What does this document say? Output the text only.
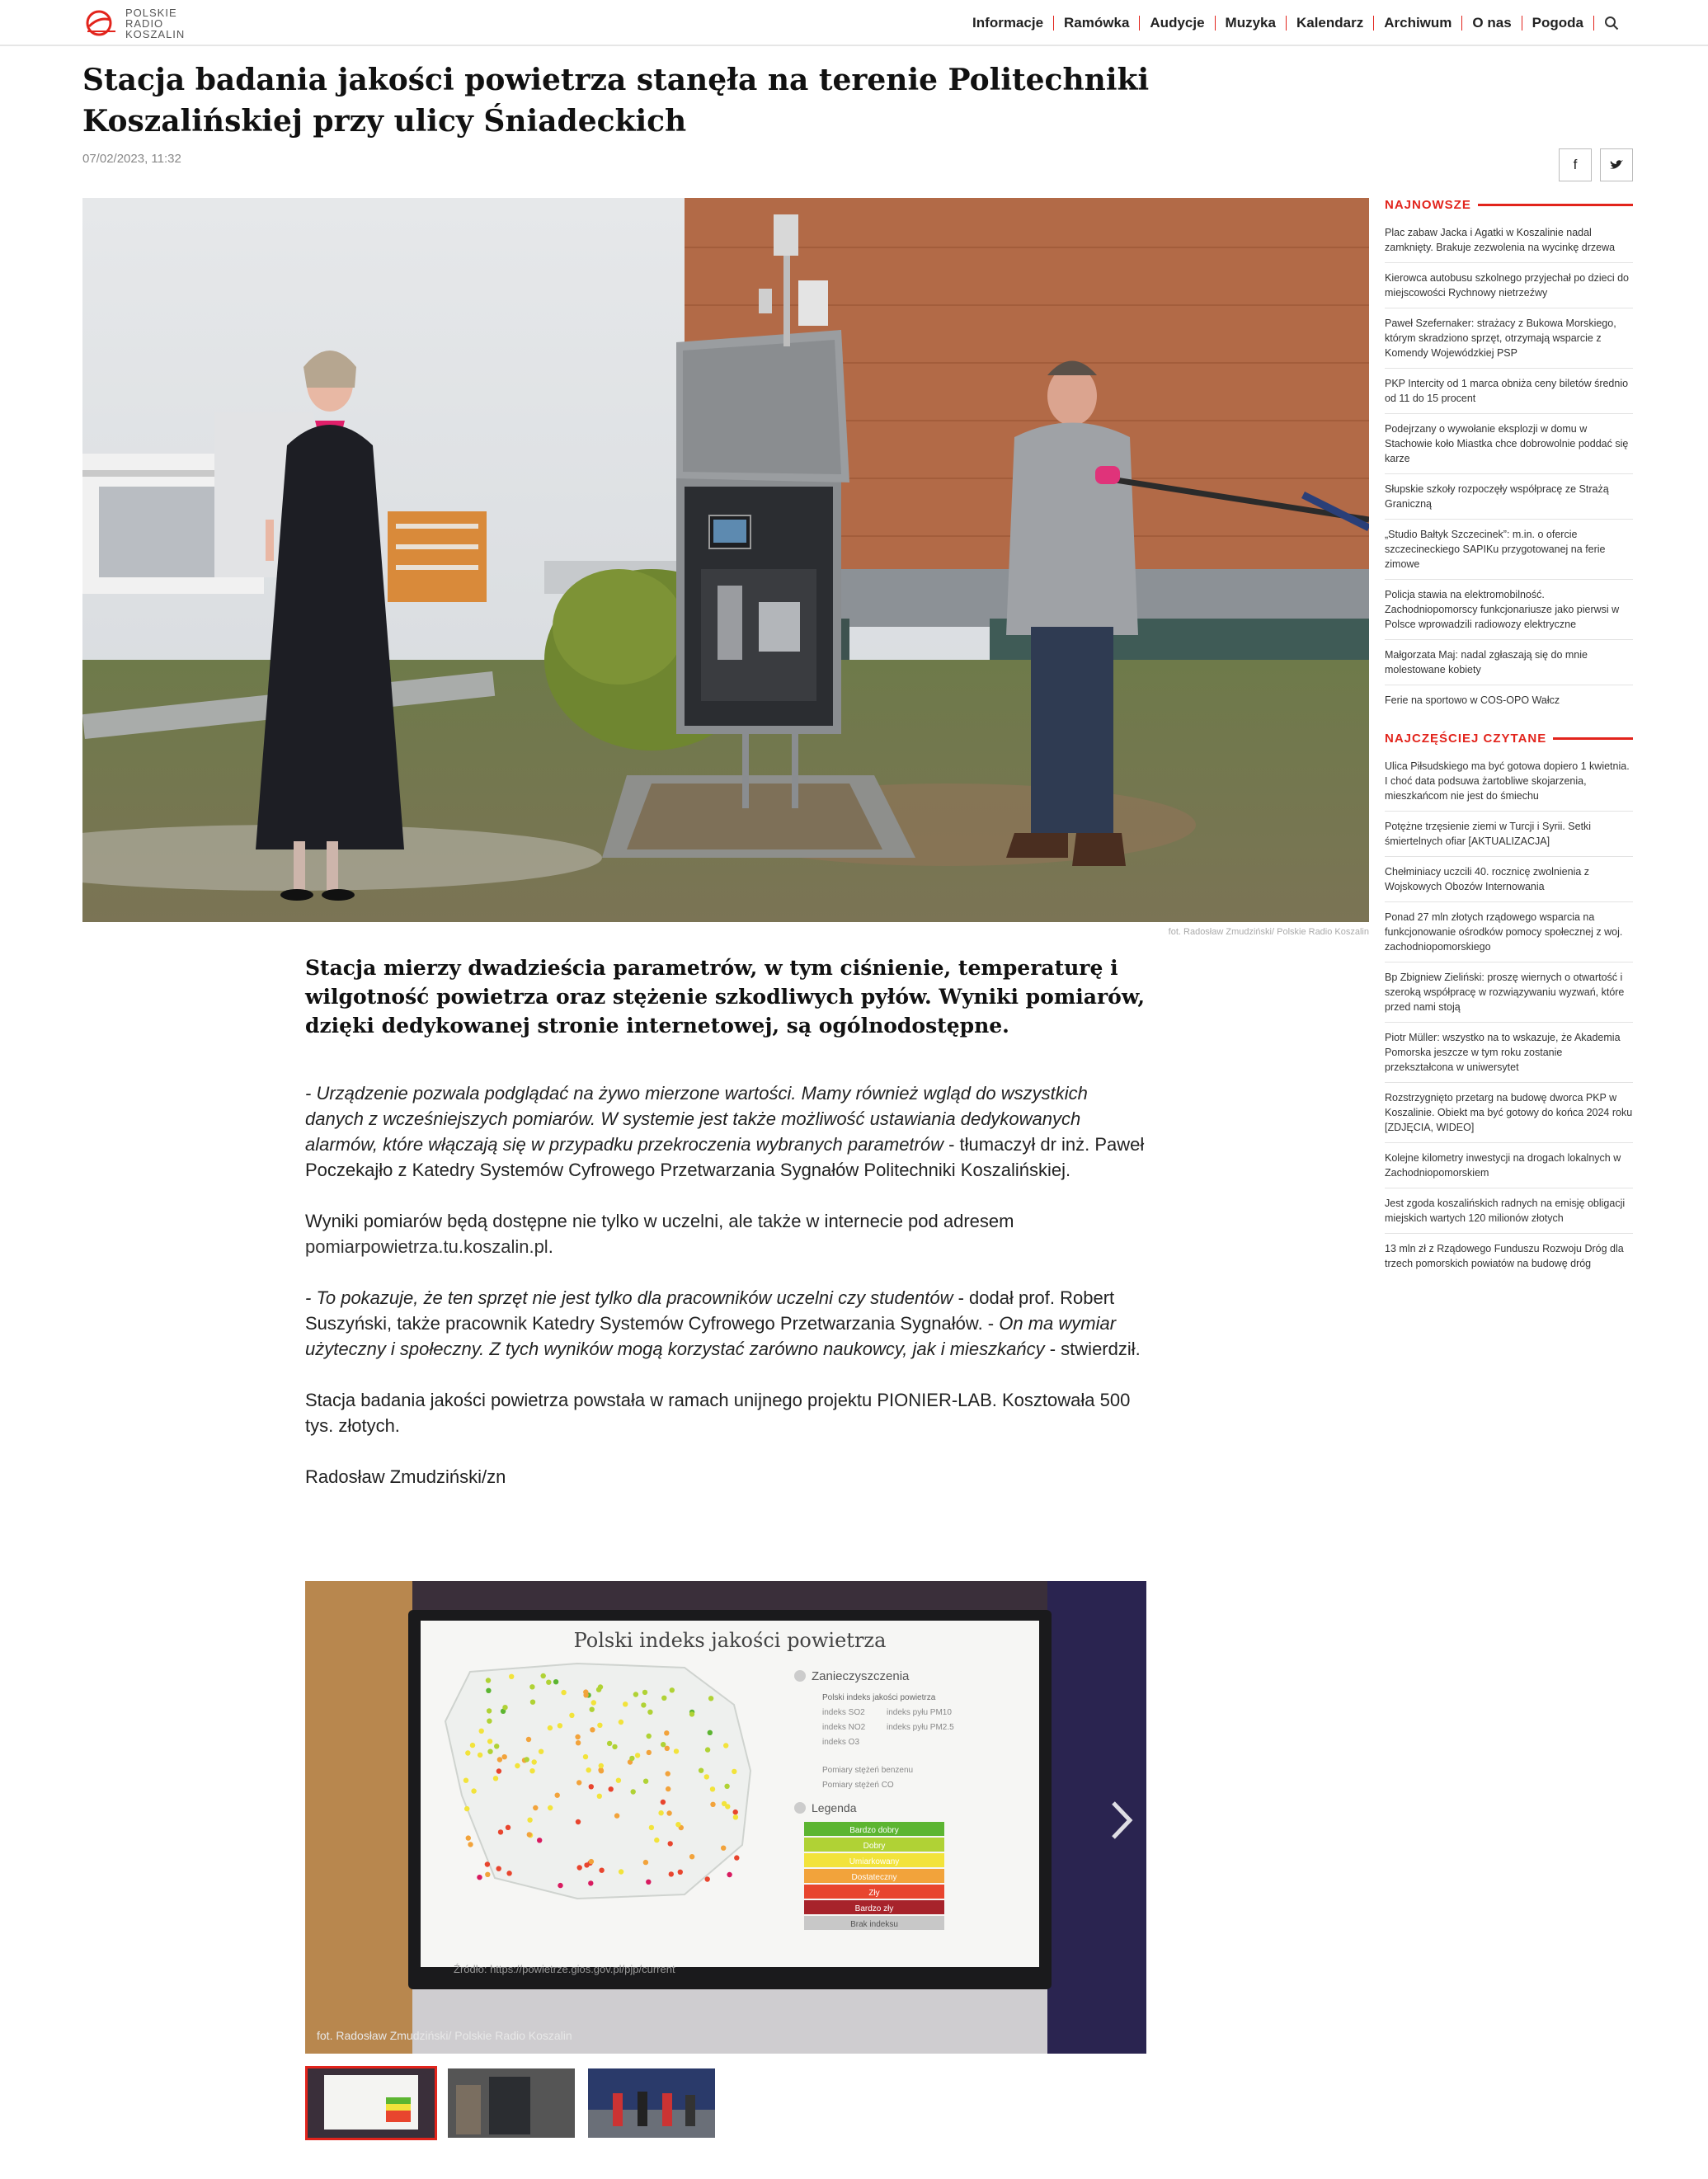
POLSKIE
RADIO
KOSZALIN
Informacje	Ramówka	Audycje	Muzyka	Kalendarz	Archiwum	O nas	Pogoda
Stacja badania jakości powietrza stanęła na terenie Politechniki Koszalińskiej przy ulicy Śniadeckich
07/02/2023, 11:32	f
fot. Radosław Zmudziński/ Polskie Radio Koszalin
Stacja mierzy dwadzieścia parametrów, w tym ciśnienie, temperaturę i wilgotność powietrza oraz stężenie szkodliwych pyłów. Wyniki pomiarów, dzięki dedykowanej stronie internetowej, są ogólnodostępne.

- Urządzenie pozwala podglądać na żywo mierzone wartości. Mamy również wgląd do wszystkich danych z wcześniejszych pomiarów. W systemie jest także możliwość ustawiania dedykowanych alarmów, które włączają się w przypadku przekroczenia wybranych parametrów - tłumaczył dr inż. Paweł Poczekajło z Katedry Systemów Cyfrowego Przetwarzania Sygnałów Politechniki Koszalińskiej.

Wyniki pomiarów będą dostępne nie tylko w uczelni, ale także w internecie pod adresem pomiarpowietrza.tu.koszalin.pl.

- To pokazuje, że ten sprzęt nie jest tylko dla pracowników uczelni czy studentów - dodał prof. Robert Suszyński, także pracownik Katedry Systemów Cyfrowego Przetwarzania Sygnałów. - On ma wymiar użyteczny i społeczny. Z tych wyników mogą korzystać zarówno naukowcy, jak i mieszkańcy - stwierdził.

Stacja badania jakości powietrza powstała w ramach unijnego projektu PIONIER-LAB. Kosztowała 500 tys. złotych.

Radosław Zmudziński/zn

Polski indeks jakości powietrza
Zanieczyszczenia
Polski indeks jakości powietrza
indeks SO2	indeks pyłu PM10
indeks NO2	indeks pyłu PM2.5
indeks O3
Pomiary stężeń benzenu
Pomiary stężeń CO
Legenda
Bardzo dobry
Dobry
Umiarkowany
Dostateczny
Zły
Bardzo zły
Brak indeksu
Źródło: https://powietrze.gios.gov.pl/pjp/current
fot. Radosław Zmudziński/ Polskie Radio Koszalin
NAJNOWSZE
Plac zabaw Jacka i Agatki w Koszalinie nadal zamknięty. Brakuje zezwolenia na wycinkę drzewa
Kierowca autobusu szkolnego przyjechał po dzieci do miejscowości Rychnowy nietrzeźwy
Paweł Szefernaker: strażacy z Bukowa Morskiego, którym skradziono sprzęt, otrzymają wsparcie z Komendy Wojewódzkiej PSP
PKP Intercity od 1 marca obniża ceny biletów średnio od 11 do 15 procent
Podejrzany o wywołanie eksplozji w domu w Stachowie koło Miastka chce dobrowolnie poddać się karze
Słupskie szkoły rozpoczęły współpracę ze Strażą Graniczną
„Studio Bałtyk Szczecinek”: m.in. o ofercie szczecineckiego SAPIKu przygotowanej na ferie zimowe
Policja stawia na elektromobilność. Zachodniopomorscy funkcjonariusze jako pierwsi w Polsce wprowadzili radiowozy elektryczne
Małgorzata Maj: nadal zgłaszają się do mnie molestowane kobiety
Ferie na sportowo w COS-OPO Wałcz
NAJCZĘŚCIEJ CZYTANE
Ulica Piłsudskiego ma być gotowa dopiero 1 kwietnia. I choć data podsuwa żartobliwe skojarzenia, mieszkańcom nie jest do śmiechu
Potężne trzęsienie ziemi w Turcji i Syrii. Setki śmiertelnych ofiar [AKTUALIZACJA]
Chełminiacy uczcili 40. rocznicę zwolnienia z Wojskowych Obozów Internowania
Ponad 27 mln złotych rządowego wsparcia na funkcjonowanie ośrodków pomocy społecznej z woj. zachodniopomorskiego
Bp Zbigniew Zieliński: proszę wiernych o otwartość i szeroką współpracę w rozwiązywaniu wyzwań, które przed nami stoją
Piotr Müller: wszystko na to wskazuje, że Akademia Pomorska jeszcze w tym roku zostanie przekształcona w uniwersytet
Rozstrzygnięto przetarg na budowę dworca PKP w Koszalinie. Obiekt ma być gotowy do końca 2024 roku [ZDJĘCIA, WIDEO]
Kolejne kilometry inwestycji na drogach lokalnych w Zachodniopomorskiem
Jest zgoda koszalińskich radnych na emisję obligacji miejskich wartych 120 milionów złotych
13 mln zł z Rządowego Funduszu Rozwoju Dróg dla trzech pomorskich powiatów na budowę dróg
